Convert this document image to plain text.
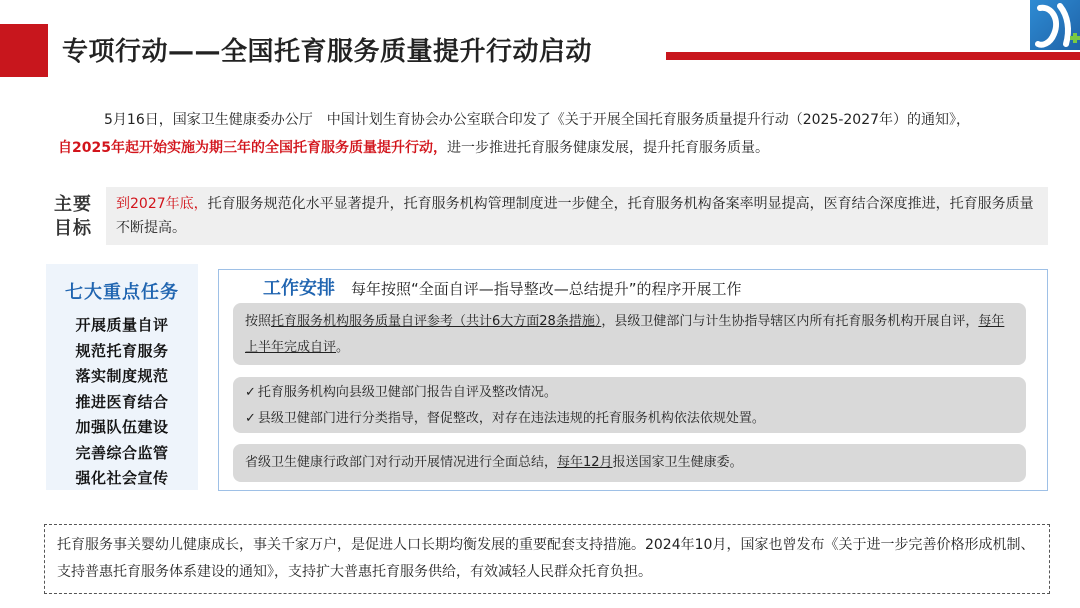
专项行动——全国托育服务质量提升行动启动
5月16日，国家卫生健康委办公厅　中国计划生育协会办公室联合印发了《关于开展全国托育服务质量提升行动（2025-2027年）的通知》，
自2025年起开始实施为期三年的全国托育服务质量提升行动，进一步推进托育服务健康发展，提升托育服务质量。
主要目标
到2027年底，托育服务规范化水平显著提升，托育服务机构管理制度进一步健全，托育服务机构备案率明显提高，医育结合深度推进，托育服务质量不断提高。
七大重点任务
开展质量自评
规范托育服务
落实制度规范
推进医育结合
加强队伍建设
完善综合监管
强化社会宣传
工作安排 每年按照“全面自评—指导整改—总结提升”的程序开展工作
按照托育服务机构服务质量自评参考（共计6大方面28条措施），县级卫健部门与计生协指导辖区内所有托育服务机构开展自评，每年上半年完成自评。
✓ 托育服务机构向县级卫健部门报告自评及整改情况。
✓ 县级卫健部门进行分类指导，督促整改，对存在违法违规的托育服务机构依法依规处置。
省级卫生健康行政部门对行动开展情况进行全面总结，每年12月报送国家卫生健康委。
托育服务事关婴幼儿健康成长，事关千家万户，是促进人口长期均衡发展的重要配套支持措施。2024年10月，国家也曾发布《关于进一步完善价格形成机制、支持普惠托育服务体系建设的通知》，支持扩大普惠托育服务供给，有效减轻人民群众托育负担。
